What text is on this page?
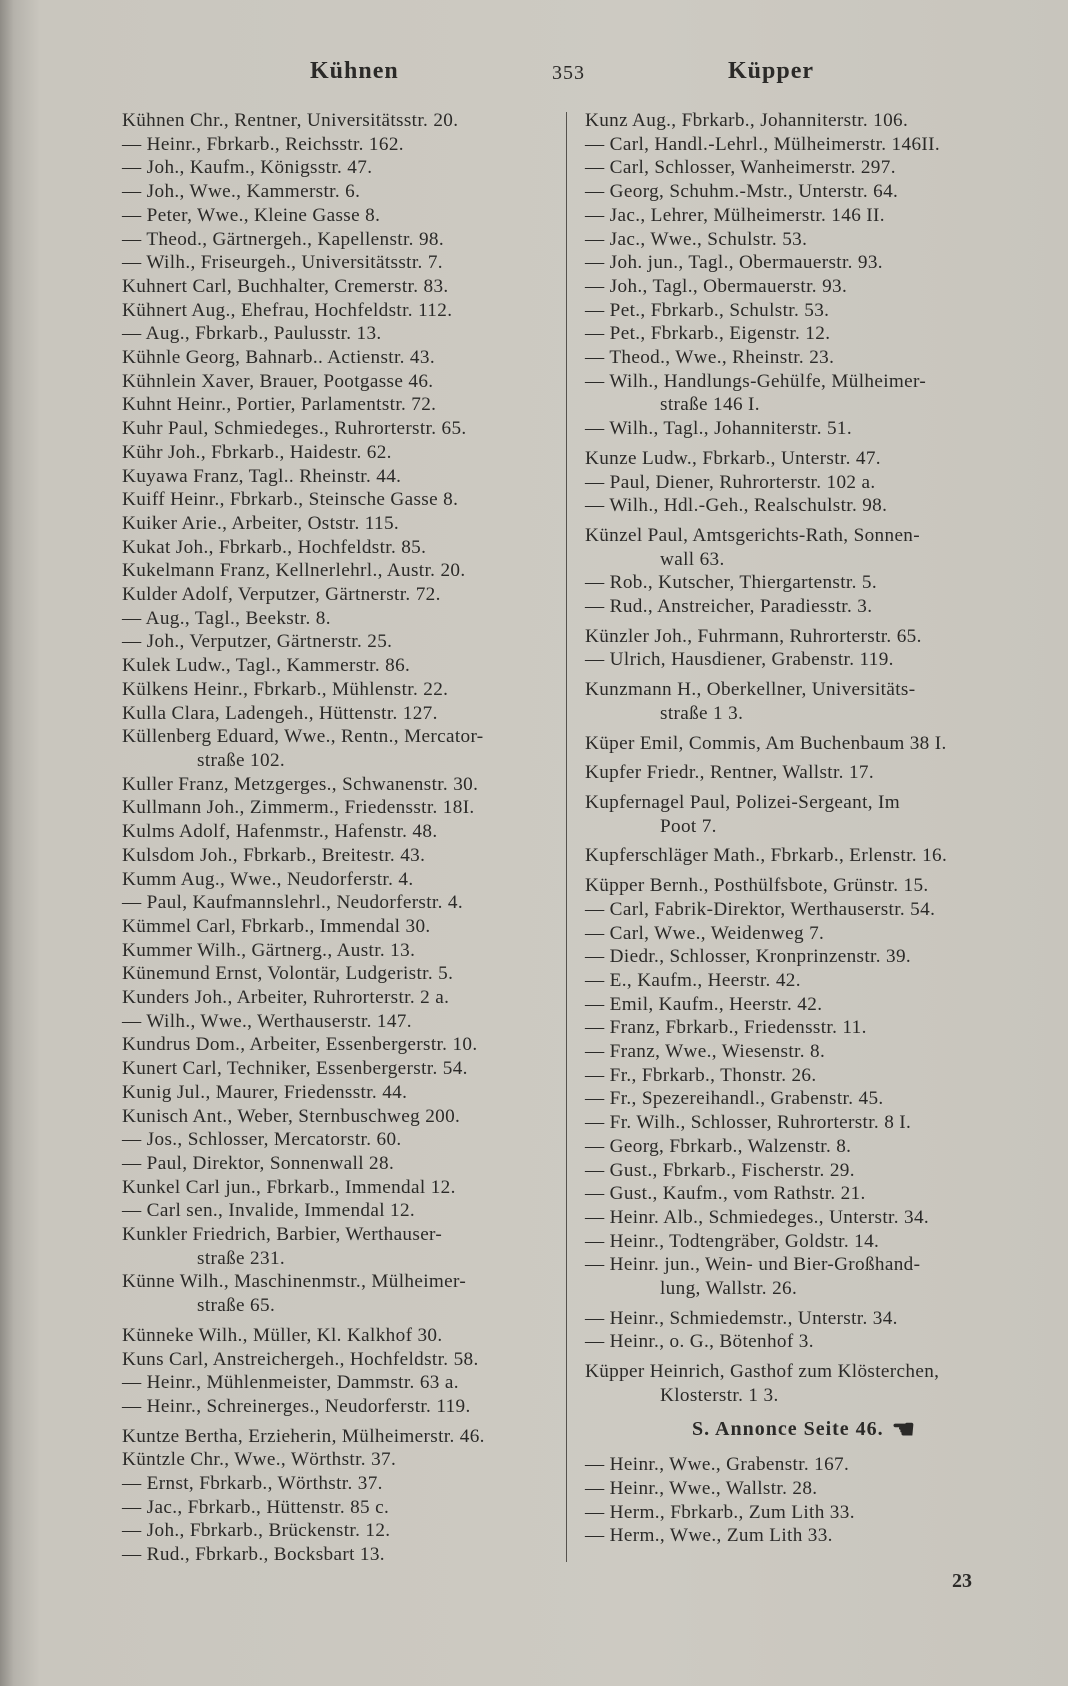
Kühnen	353	Küpper
Kühnen Chr., Rentner, Universitätsstr. 20.
— Heinr., Fbrkarb., Reichsstr. 162.
— Joh., Kaufm., Königsstr. 47.
— Joh., Wwe., Kammerstr. 6.
— Peter, Wwe., Kleine Gasse 8.
— Theod., Gärtnergeh., Kapellenstr. 98.
— Wilh., Friseurgeh., Universitätsstr. 7.
Kuhnert Carl, Buchhalter, Cremerstr. 83.
Kühnert Aug., Ehefrau, Hochfeldstr. 112.
— Aug., Fbrkarb., Paulusstr. 13.
Kühnle Georg, Bahnarb.. Actienstr. 43.
Kühnlein Xaver, Brauer, Pootgasse 46.
Kuhnt Heinr., Portier, Parlamentstr. 72.
Kuhr Paul, Schmiedeges., Ruhrorterstr. 65.
Kühr Joh., Fbrkarb., Haidestr. 62.
Kuyawa Franz, Tagl.. Rheinstr. 44.
Kuiff Heinr., Fbrkarb., Steinsche Gasse 8.
Kuiker Arie., Arbeiter, Oststr. 115.
Kukat Joh., Fbrkarb., Hochfeldstr. 85.
Kukelmann Franz, Kellnerlehrl., Austr. 20.
Kulder Adolf, Verputzer, Gärtnerstr. 72.
— Aug., Tagl., Beekstr. 8.
— Joh., Verputzer, Gärtnerstr. 25.
Kulek Ludw., Tagl., Kammerstr. 86.
Külkens Heinr., Fbrkarb., Mühlenstr. 22.
Kulla Clara, Ladengeh., Hüttenstr. 127.
Küllenberg Eduard, Wwe., Rentn., Mercator-
straße 102.
Kuller Franz, Metzgerges., Schwanenstr. 30.
Kullmann Joh., Zimmerm., Friedensstr. 18I.
Kulms Adolf, Hafenmstr., Hafenstr. 48.
Kulsdom Joh., Fbrkarb., Breitestr. 43.
Kumm Aug., Wwe., Neudorferstr. 4.
— Paul, Kaufmannslehrl., Neudorferstr. 4.
Kümmel Carl, Fbrkarb., Immendal 30.
Kummer Wilh., Gärtnerg., Austr. 13.
Künemund Ernst, Volontär, Ludgeristr. 5.
Kunders Joh., Arbeiter, Ruhrorterstr. 2 a.
— Wilh., Wwe., Werthauserstr. 147.
Kundrus Dom., Arbeiter, Essenbergerstr. 10.
Kunert Carl, Techniker, Essenbergerstr. 54.
Kunig Jul., Maurer, Friedensstr. 44.
Kunisch Ant., Weber, Sternbuschweg 200.
— Jos., Schlosser, Mercatorstr. 60.
— Paul, Direktor, Sonnenwall 28.
Kunkel Carl jun., Fbrkarb., Immendal 12.
— Carl sen., Invalide, Immendal 12.
Kunkler Friedrich, Barbier, Werthauser-
straße 231.
Künne Wilh., Maschinenmstr., Mülheimer-
straße 65.
Künneke Wilh., Müller, Kl. Kalkhof 30.
Kuns Carl, Anstreichergeh., Hochfeldstr. 58.
— Heinr., Mühlenmeister, Dammstr. 63 a.
— Heinr., Schreinerges., Neudorferstr. 119.
Kuntze Bertha, Erzieherin, Mülheimerstr. 46.
Küntzle Chr., Wwe., Wörthstr. 37.
— Ernst, Fbrkarb., Wörthstr. 37.
— Jac., Fbrkarb., Hüttenstr. 85 c.
— Joh., Fbrkarb., Brückenstr. 12.
— Rud., Fbrkarb., Bocksbart 13.
Kunz Aug., Fbrkarb., Johanniterstr. 106.
— Carl, Handl.-Lehrl., Mülheimerstr. 146II.
— Carl, Schlosser, Wanheimerstr. 297.
— Georg, Schuhm.-Mstr., Unterstr. 64.
— Jac., Lehrer, Mülheimerstr. 146 II.
— Jac., Wwe., Schulstr. 53.
— Joh. jun., Tagl., Obermauerstr. 93.
— Joh., Tagl., Obermauerstr. 93.
— Pet., Fbrkarb., Schulstr. 53.
— Pet., Fbrkarb., Eigenstr. 12.
— Theod., Wwe., Rheinstr. 23.
— Wilh., Handlungs-Gehülfe, Mülheimer-
straße 146 I.
— Wilh., Tagl., Johanniterstr. 51.
Kunze Ludw., Fbrkarb., Unterstr. 47.
— Paul, Diener, Ruhrorterstr. 102 a.
— Wilh., Hdl.-Geh., Realschulstr. 98.
Künzel Paul, Amtsgerichts-Rath, Sonnen-
wall 63.
— Rob., Kutscher, Thiergartenstr. 5.
— Rud., Anstreicher, Paradiesstr. 3.
Künzler Joh., Fuhrmann, Ruhrorterstr. 65.
— Ulrich, Hausdiener, Grabenstr. 119.
Kunzmann H., Oberkellner, Universitäts-
straße 1 3.
Küper Emil, Commis, Am Buchenbaum 38 I.
Kupfer Friedr., Rentner, Wallstr. 17.
Kupfernagel Paul, Polizei-Sergeant, Im
Poot 7.
Kupferschläger Math., Fbrkarb., Erlenstr. 16.
Küpper Bernh., Posthülfsbote, Grünstr. 15.
— Carl, Fabrik-Direktor, Werthauserstr. 54.
— Carl, Wwe., Weidenweg 7.
— Diedr., Schlosser, Kronprinzenstr. 39.
— E., Kaufm., Heerstr. 42.
— Emil, Kaufm., Heerstr. 42.
— Franz, Fbrkarb., Friedensstr. 11.
— Franz, Wwe., Wiesenstr. 8.
— Fr., Fbrkarb., Thonstr. 26.
— Fr., Spezereihandl., Grabenstr. 45.
— Fr. Wilh., Schlosser, Ruhrorterstr. 8 I.
— Georg, Fbrkarb., Walzenstr. 8.
— Gust., Fbrkarb., Fischerstr. 29.
— Gust., Kaufm., vom Rathstr. 21.
— Heinr. Alb., Schmiedeges., Unterstr. 34.
— Heinr., Todtengräber, Goldstr. 14.
— Heinr. jun., Wein- und Bier-Großhand-
lung, Wallstr. 26.
— Heinr., Schmiedemstr., Unterstr. 34.
— Heinr., o. G., Bötenhof 3.
Küpper Heinrich, Gasthof zum Klösterchen,
Klosterstr. 1 3.
S. Annonce Seite 46. ☚
— Heinr., Wwe., Grabenstr. 167.
— Heinr., Wwe., Wallstr. 28.
— Herm., Fbrkarb., Zum Lith 33.
— Herm., Wwe., Zum Lith 33.
23
